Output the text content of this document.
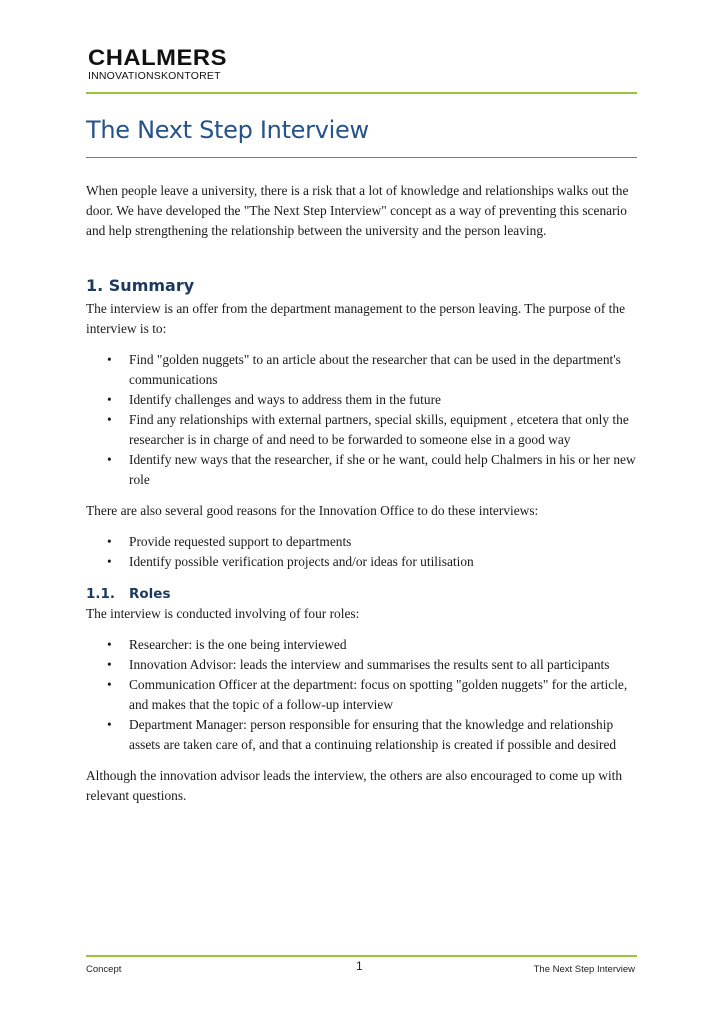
CHALMERS
INNOVATIONSKONTORET
The Next Step Interview

When people leave a university, there is a risk that a lot of knowledge and relationships walks out the door. We have developed the "The Next Step Interview" concept as a way of preventing this scenario and help strengthening the relationship between the university and the person leaving.

1. Summary

The interview is an offer from the department management to the person leaving. The purpose of the interview is to:

• Find "golden nuggets" to an article about the researcher that can be used in the department's communications
• Identify challenges and ways to address them in the future
• Find any relationships with external partners, special skills, equipment , etcetera that only the researcher is in charge of and need to be forwarded to someone else in a good way
• Identify new ways that the researcher, if she or he want, could help Chalmers in his or her new role

There are also several good reasons for the Innovation Office to do these interviews:

• Provide requested support to departments
• Identify possible verification projects and/or ideas for utilisation
1.1. Roles

The interview is conducted involving of four roles:

• Researcher: is the one being interviewed
• Innovation Advisor: leads the interview and summarises the results sent to all participants
• Communication Officer at the department: focus on spotting "golden nuggets" for the article, and makes that the topic of a follow-up interview
• Department Manager: person responsible for ensuring that the knowledge and relationship assets are taken care of, and that a continuing relationship is created if possible and desired

Although the innovation advisor leads the interview, the others are also encouraged to come up with relevant questions.

Concept	1	The Next Step Interview
